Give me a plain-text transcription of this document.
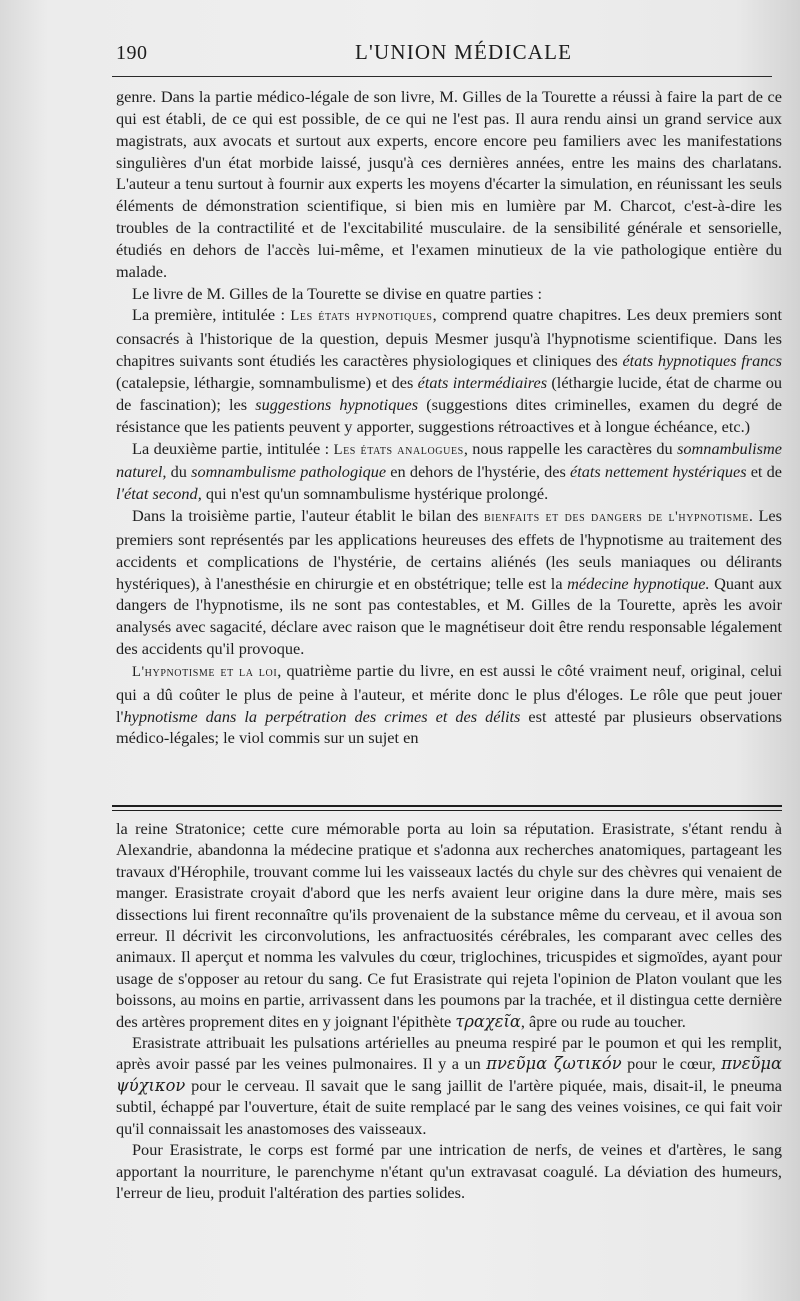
190	L'UNION MÉDICALE

genre. Dans la partie médico-légale de son livre, M. Gilles de la Tourette a réussi à faire la part de ce qui est établi, de ce qui est possible, de ce qui ne l'est pas. Il aura rendu ainsi un grand service aux magistrats, aux avocats et surtout aux experts, encore encore peu familiers avec les manifestations singulières d'un état morbide laissé, jusqu'à ces dernières années, entre les mains des charlatans. L'auteur a tenu surtout à fournir aux experts les moyens d'écarter la simulation, en réunissant les seuls éléments de démonstration scientifique, si bien mis en lumière par M. Charcot, c'est-à-dire les troubles de la contractilité et de l'excitabilité musculaire. de la sensibilité générale et sensorielle, étudiés en dehors de l'accès lui-même, et l'examen minutieux de la vie pathologique entière du malade.

Le livre de M. Gilles de la Tourette se divise en quatre parties :

La première, intitulée : Les états hypnotiques, comprend quatre chapitres. Les deux premiers sont consacrés à l'historique de la question, depuis Mesmer jusqu'à l'hypnotisme scientifique. Dans les chapitres suivants sont étudiés les caractères physiologiques et cliniques des états hypnotiques francs (catalepsie, léthargie, somnambulisme) et des états intermédiaires (léthargie lucide, état de charme ou de fascination); les suggestions hypnotiques (suggestions dites criminelles, examen du degré de résistance que les patients peuvent y apporter, suggestions rétroactives et à longue échéance, etc.)

La deuxième partie, intitulée : Les états analogues, nous rappelle les caractères du somnambulisme naturel, du somnambulisme pathologique en dehors de l'hystérie, des états nettement hystériques et de l'état second, qui n'est qu'un somnambulisme hystérique prolongé.

Dans la troisième partie, l'auteur établit le bilan des bienfaits et des dangers de l'hypnotisme. Les premiers sont représentés par les applications heureuses des effets de l'hypnotisme au traitement des accidents et complications de l'hystérie, de certains aliénés (les seuls maniaques ou délirants hystériques), à l'anesthésie en chirurgie et en obstétrique; telle est la médecine hypnotique. Quant aux dangers de l'hypnotisme, ils ne sont pas contestables, et M. Gilles de la Tourette, après les avoir analysés avec sagacité, déclare avec raison que le magnétiseur doit être rendu responsable légalement des accidents qu'il provoque.

L'hypnotisme et la loi, quatrième partie du livre, en est aussi le côté vraiment neuf, original, celui qui a dû coûter le plus de peine à l'auteur, et mérite donc le plus d'éloges. Le rôle que peut jouer l'hypnotisme dans la perpétration des crimes et des délits est attesté par plusieurs observations médico-légales; le viol commis sur un sujet en

la reine Stratonice; cette cure mémorable porta au loin sa réputation. Erasistrate, s'étant rendu à Alexandrie, abandonna la médecine pratique et s'adonna aux recherches anatomiques, partageant les travaux d'Hérophile, trouvant comme lui les vaisseaux lactés du chyle sur des chèvres qui venaient de manger. Erasistrate croyait d'abord que les nerfs avaient leur origine dans la dure mère, mais ses dissections lui firent reconnaître qu'ils provenaient de la substance même du cerveau, et il avoua son erreur. Il décrivit les circonvolutions, les anfractuosités cérébrales, les comparant avec celles des animaux. Il aperçut et nomma les valvules du cœur, triglochines, tricuspides et sigmoïdes, ayant pour usage de s'opposer au retour du sang. Ce fut Erasistrate qui rejeta l'opinion de Platon voulant que les boissons, au moins en partie, arrivassent dans les poumons par la trachée, et il distingua cette dernière des artères proprement dites en y joignant l'épithète τραχεῖα, âpre ou rude au toucher.

Erasistrate attribuait les pulsations artérielles au pneuma respiré par le poumon et qui les remplit, après avoir passé par les veines pulmonaires. Il y a un πνεῦμα ζωτικόν pour le cœur, πνεῦμα ψύχικον pour le cerveau. Il savait que le sang jaillit de l'artère piquée, mais, disait-il, le pneuma subtil, échappé par l'ouverture, était de suite remplacé par le sang des veines voisines, ce qui fait voir qu'il connaissait les anastomoses des vaisseaux.

Pour Erasistrate, le corps est formé par une intrication de nerfs, de veines et d'artères, le sang apportant la nourriture, le parenchyme n'étant qu'un extravasat coagulé. La déviation des humeurs, l'erreur de lieu, produit l'altération des parties solides.
